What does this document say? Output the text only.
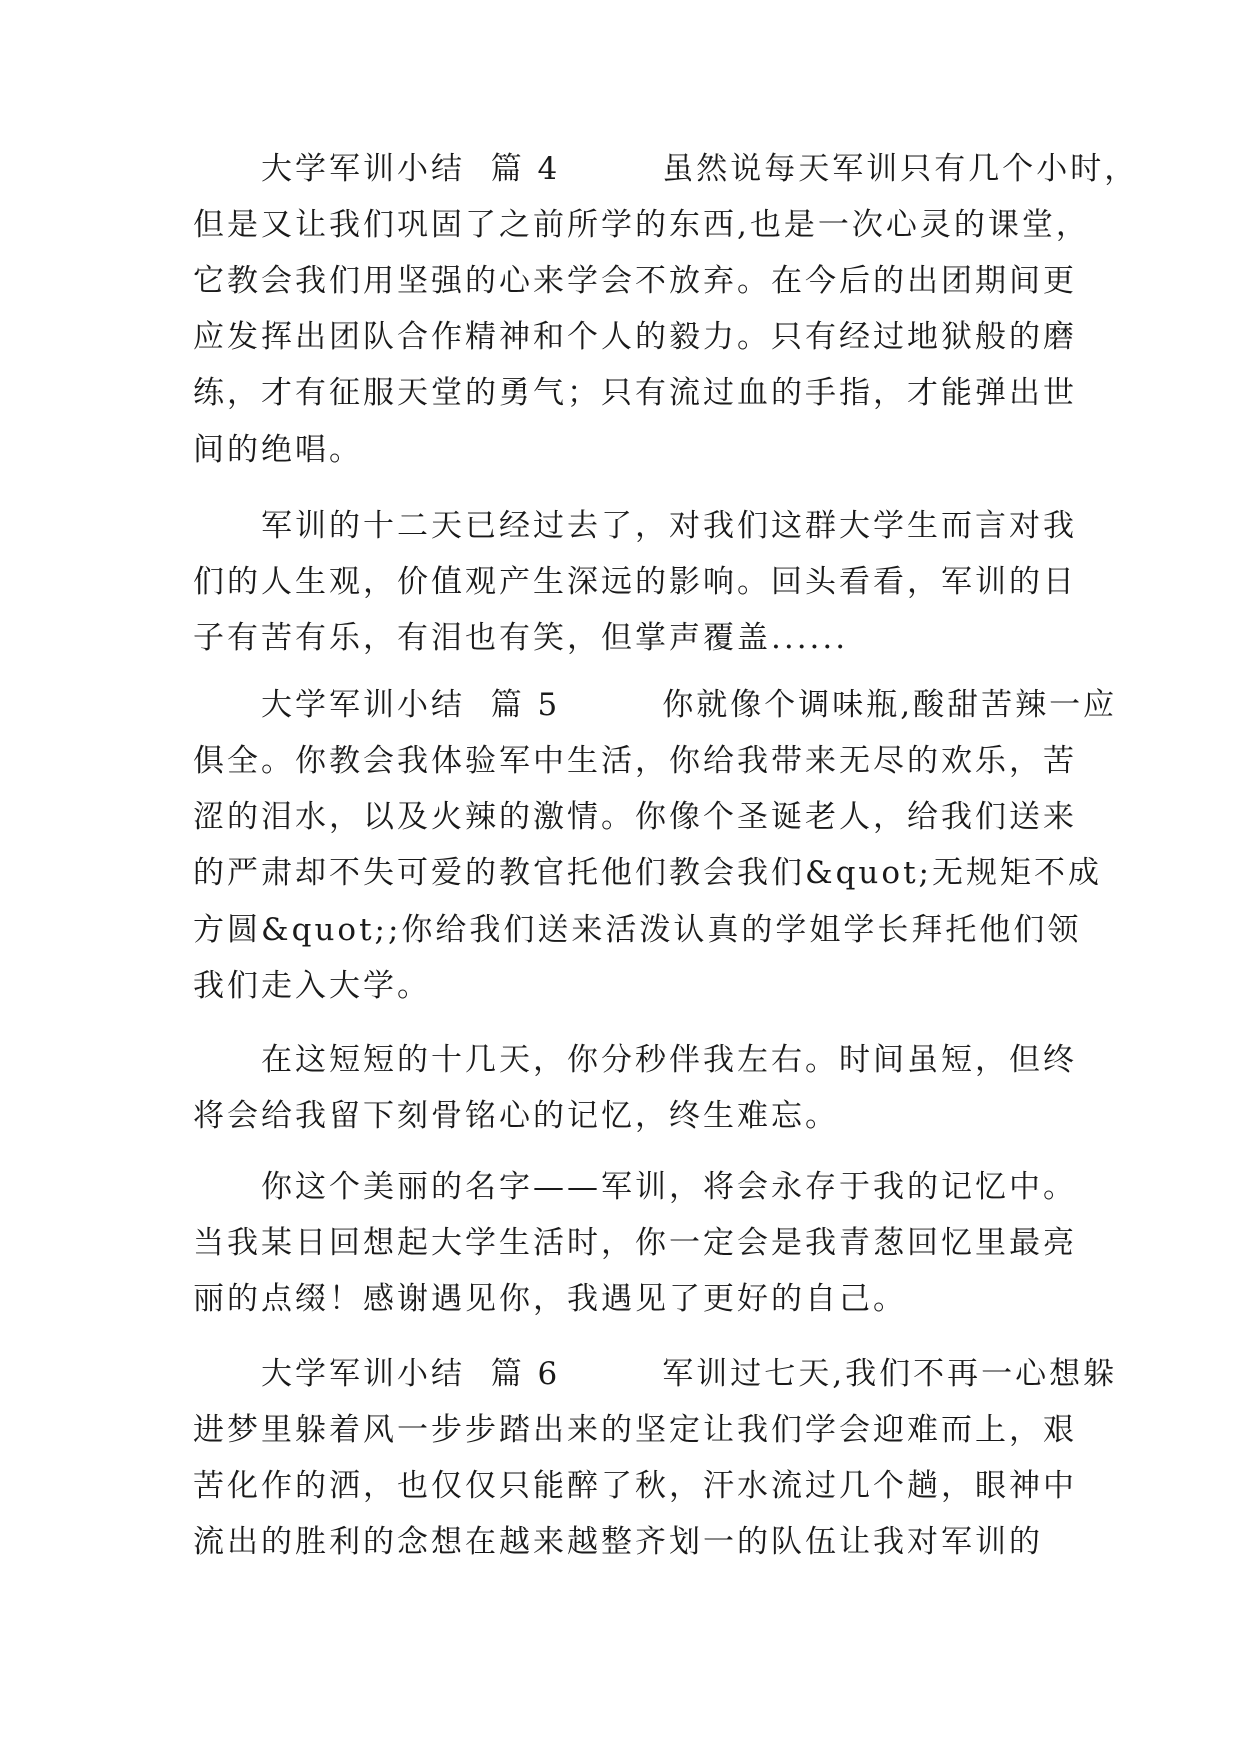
　　大学军训小结  篇 4　　　虽然说每天军训只有几个小时，
但是又让我们巩固了之前所学的东西,也是一次心灵的课堂，
它教会我们用坚强的心来学会不放弃。在今后的出团期间更
应发挥出团队合作精神和个人的毅力。只有经过地狱般的磨
练，才有征服天堂的勇气；只有流过血的手指，才能弹出世
间的绝唱。
　　军训的十二天已经过去了，对我们这群大学生而言对我
们的人生观，价值观产生深远的影响。回头看看，军训的日
子有苦有乐，有泪也有笑，但掌声覆盖......
　　大学军训小结  篇 5　　　你就像个调味瓶,酸甜苦辣一应
俱全。你教会我体验军中生活，你给我带来无尽的欢乐，苦
涩的泪水，以及火辣的激情。你像个圣诞老人，给我们送来
的严肃却不失可爱的教官托他们教会我们&quot;无规矩不成
方圆&quot;;你给我们送来活泼认真的学姐学长拜托他们领
我们走入大学。
　　在这短短的十几天，你分秒伴我左右。时间虽短，但终
将会给我留下刻骨铭心的记忆，终生难忘。
　　你这个美丽的名字——军训，将会永存于我的记忆中。
当我某日回想起大学生活时，你一定会是我青葱回忆里最亮
丽的点缀！感谢遇见你，我遇见了更好的自己。
　　大学军训小结  篇 6　　　军训过七天,我们不再一心想躲
进梦里躲着风一步步踏出来的坚定让我们学会迎难而上，艰
苦化作的洒，也仅仅只能醉了秋，汗水流过几个趟，眼神中
流出的胜利的念想在越来越整齐划一的队伍让我对军训的
